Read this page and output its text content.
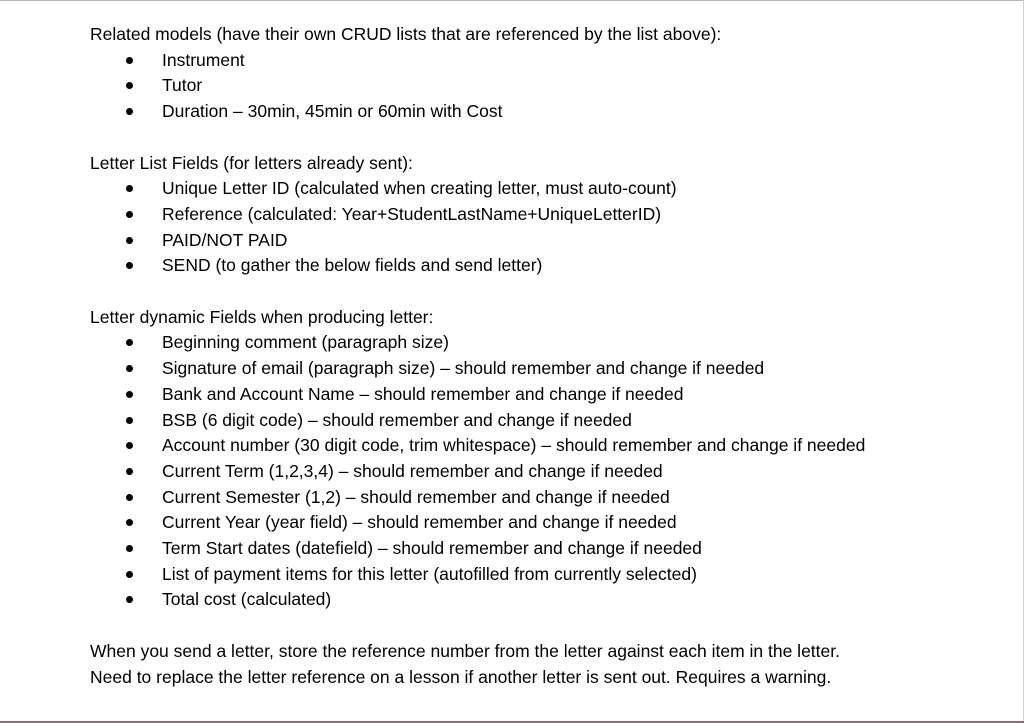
Related models (have their own CRUD lists that are referenced by the list above):

Instrument
Tutor
Duration – 30min, 45min or 60min with Cost

Letter List Fields (for letters already sent):

Unique Letter ID (calculated when creating letter, must auto-count)
Reference (calculated: Year+StudentLastName+UniqueLetterID)
PAID/NOT PAID
SEND (to gather the below fields and send letter)

Letter dynamic Fields when producing letter:

Beginning comment (paragraph size)
Signature of email (paragraph size) – should remember and change if needed
Bank and Account Name – should remember and change if needed
BSB (6 digit code) – should remember and change if needed
Account number (30 digit code, trim whitespace) – should remember and change if needed
Current Term (1,2,3,4) – should remember and change if needed
Current Semester (1,2) – should remember and change if needed
Current Year (year field) – should remember and change if needed
Term Start dates (datefield) – should remember and change if needed
List of payment items for this letter (autofilled from currently selected)
Total cost (calculated)

When you send a letter, store the reference number from the letter against each item in the letter.

Need to replace the letter reference on a lesson if another letter is sent out. Requires a warning.
